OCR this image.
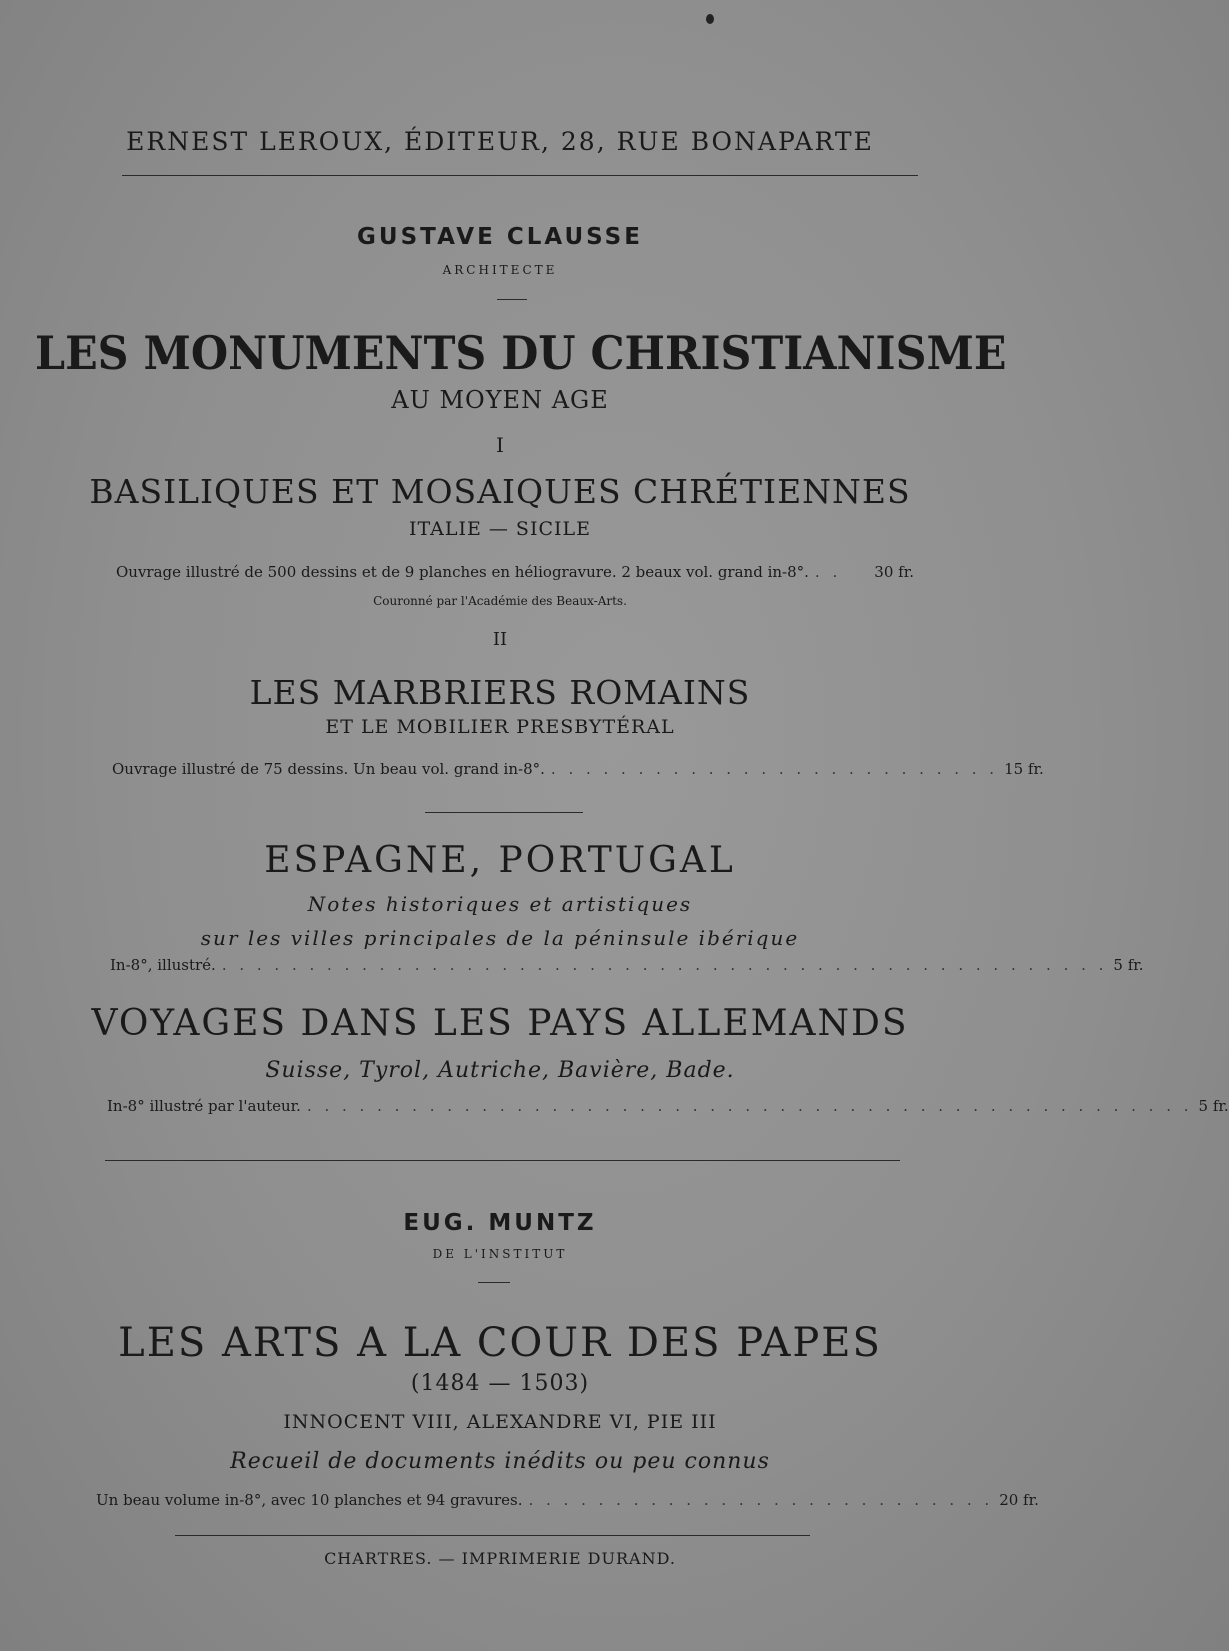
ERNEST LEROUX, ÉDITEUR, 28, RUE BONAPARTE
GUSTAVE CLAUSSE
ARCHITECTE
LES MONUMENTS DU CHRISTIANISME
AU MOYEN AGE
I
BASILIQUES ET MOSAIQUES CHRÉTIENNES
ITALIE — SICILE
Ouvrage illustré de 500 dessins et de 9 planches en héliogravure. 2 beaux vol. grand in-8°. . .	30 fr.
Couronné par l'Académie des Beaux-Arts.
II
LES MARBRIERS ROMAINS
ET LE MOBILIER PRESBYTÉRAL
Ouvrage illustré de 75 dessins. Un beau vol. grand in-8°. . . . . . . . . . . . . . . . . . . . . . . . . . . 15 fr.
ESPAGNE, PORTUGAL
Notes historiques et artistiques
sur les villes principales de la péninsule ibérique
In-8°, illustré. . . . . . . . . . . . . . . . . . . . . . . . . . . . . . . . . . . . . . . . . . . . . . . . . . . . 5 fr.
VOYAGES DANS LES PAYS ALLEMANDS
Suisse, Tyrol, Autriche, Bavière, Bade.
In-8° illustré par l'auteur. . . . . . . . . . . . . . . . . . . . . . . . . . . . . . . . . . . . . . . . . . . . . . . . . . . . 5 fr.
EUG. MUNTZ
DE L'INSTITUT
LES ARTS A LA COUR DES PAPES
(1484 — 1503)
INNOCENT VIII, ALEXANDRE VI, PIE III
Recueil de documents inédits ou peu connus
Un beau volume in-8°, avec 10 planches et 94 gravures. . . . . . . . . . . . . . . . . . . . . . . . . . . . 20 fr.
CHARTRES. — IMPRIMERIE DURAND.
